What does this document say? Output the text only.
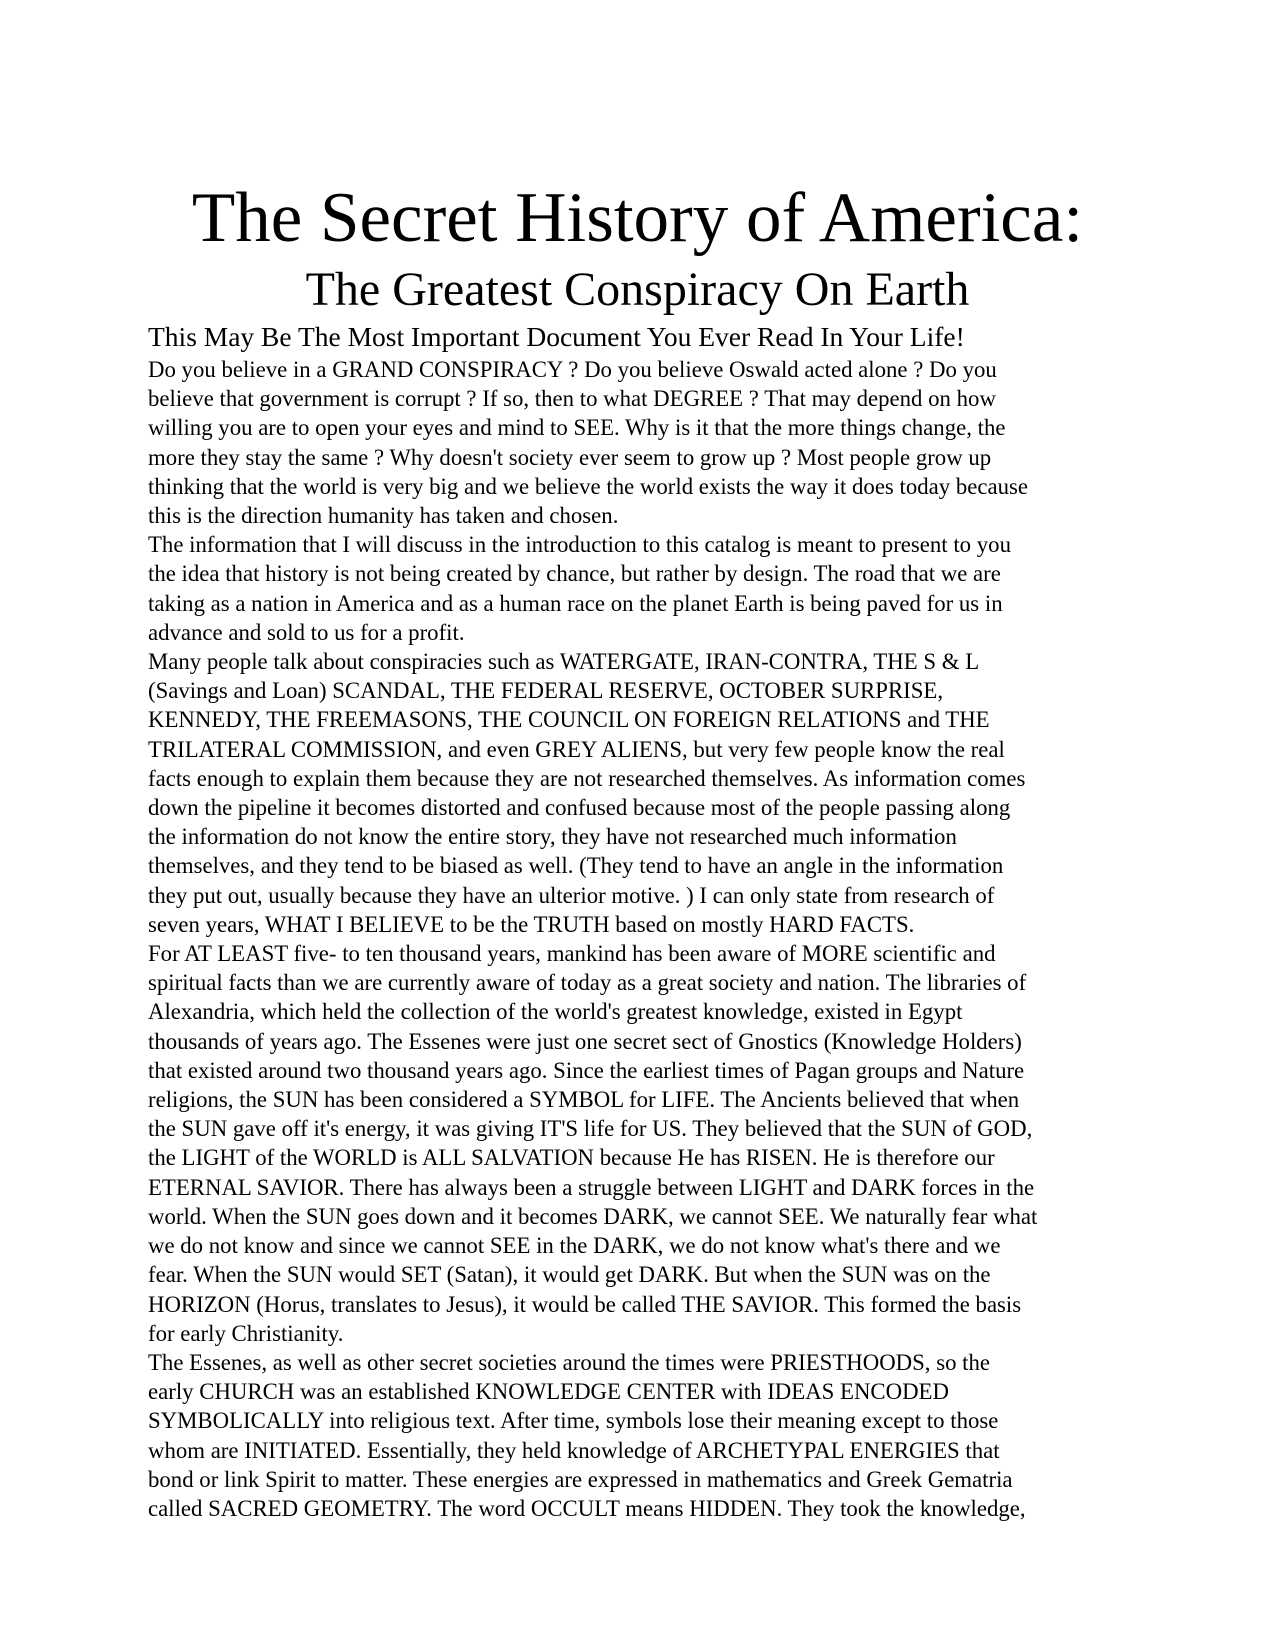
The Secret History of America:
The Greatest Conspiracy On Earth

This May Be The Most Important Document You Ever Read In Your Life!

Do you believe in a GRAND CONSPIRACY ? Do you believe Oswald acted alone ? Do you
believe that government is corrupt ? If so, then to what DEGREE ? That may depend on how
willing you are to open your eyes and mind to SEE. Why is it that the more things change, the
more they stay the same ? Why doesn't society ever seem to grow up ? Most people grow up
thinking that the world is very big and we believe the world exists the way it does today because
this is the direction humanity has taken and chosen.

The information that I will discuss in the introduction to this catalog is meant to present to you
the idea that history is not being created by chance, but rather by design. The road that we are
taking as a nation in America and as a human race on the planet Earth is being paved for us in
advance and sold to us for a profit.

Many people talk about conspiracies such as WATERGATE, IRAN-CONTRA, THE S & L
(Savings and Loan) SCANDAL, THE FEDERAL RESERVE, OCTOBER SURPRISE,
KENNEDY, THE FREEMASONS, THE COUNCIL ON FOREIGN RELATIONS and THE
TRILATERAL COMMISSION, and even GREY ALIENS, but very few people know the real
facts enough to explain them because they are not researched themselves. As information comes
down the pipeline it becomes distorted and confused because most of the people passing along
the information do not know the entire story, they have not researched much information
themselves, and they tend to be biased as well. (They tend to have an angle in the information
they put out, usually because they have an ulterior motive. ) I can only state from research of
seven years, WHAT I BELIEVE to be the TRUTH based on mostly HARD FACTS.

For AT LEAST five- to ten thousand years, mankind has been aware of MORE scientific and
spiritual facts than we are currently aware of today as a great society and nation. The libraries of
Alexandria, which held the collection of the world's greatest knowledge, existed in Egypt
thousands of years ago. The Essenes were just one secret sect of Gnostics (Knowledge Holders)
that existed around two thousand years ago. Since the earliest times of Pagan groups and Nature
religions, the SUN has been considered a SYMBOL for LIFE. The Ancients believed that when
the SUN gave off it's energy, it was giving IT'S life for US. They believed that the SUN of GOD,
the LIGHT of the WORLD is ALL SALVATION because He has RISEN. He is therefore our
ETERNAL SAVIOR. There has always been a struggle between LIGHT and DARK forces in the
world. When the SUN goes down and it becomes DARK, we cannot SEE. We naturally fear what
we do not know and since we cannot SEE in the DARK, we do not know what's there and we
fear. When the SUN would SET (Satan), it would get DARK. But when the SUN was on the
HORIZON (Horus, translates to Jesus), it would be called THE SAVIOR. This formed the basis
for early Christianity.

The Essenes, as well as other secret societies around the times were PRIESTHOODS, so the
early CHURCH was an established KNOWLEDGE CENTER with IDEAS ENCODED
SYMBOLICALLY into religious text. After time, symbols lose their meaning except to those
whom are INITIATED. Essentially, they held knowledge of ARCHETYPAL ENERGIES that
bond or link Spirit to matter. These energies are expressed in mathematics and Greek Gematria
called SACRED GEOMETRY. The word OCCULT means HIDDEN. They took the knowledge,
